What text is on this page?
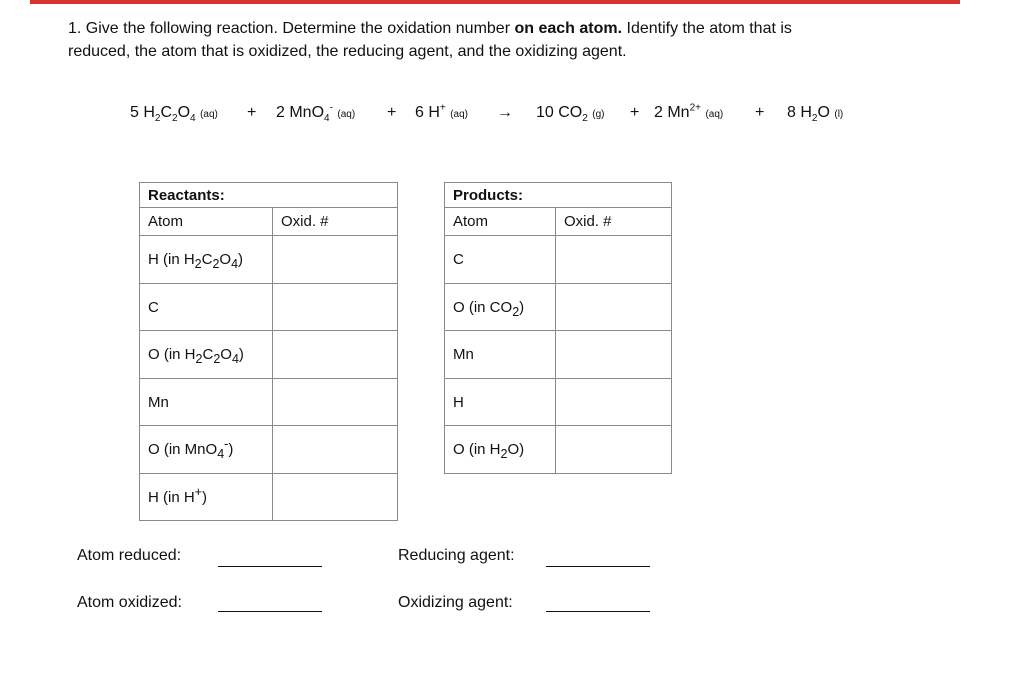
1. Give the following reaction. Determine the oxidation number on each atom. Identify the atom that is
reduced, the atom that is oxidized, the reducing agent, and the oxidizing agent.
5 $H_2C_2O_4$ (aq) + 2 MnO$_4$- (aq) + 6 H+ (aq) → 10 $CO_2$ (g) + 2 $Mn^{2+}$ (aq) + 8 $H_2O$ (l)
Reactants:	
Atom	Oxid. #
H (in $H_2C_2O_4$)	
C	
O (in $H_2C_2O_4$)	
Mn	
O (in MnO$_4$-)	
H (in H+)	
Products:	
Atom	Oxid. #
C	
O (in $CO_2$)	
Mn	
H	
O (in $H_2O$)	
Atom reduced:
Atom oxidized:
Reducing agent:
Oxidizing agent:
